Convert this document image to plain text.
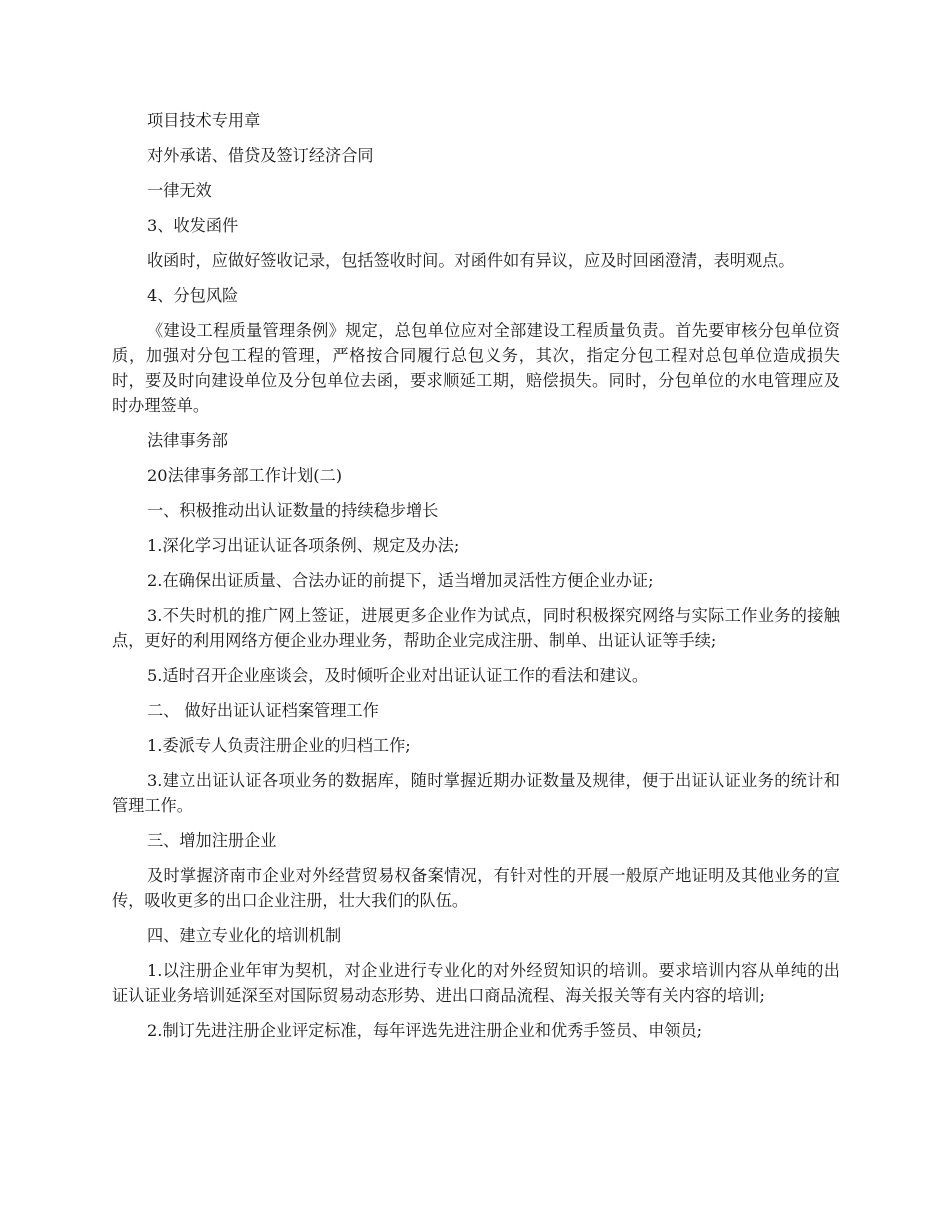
项目技术专用章

对外承诺、借贷及签订经济合同

一律无效

3、收发函件

收函时，应做好签收记录，包括签收时间。对函件如有异议，应及时回函澄清，表明观点。

4、分包风险

《建设工程质量管理条例》规定，总包单位应对全部建设工程质量负责。首先要审核分包单位资质，加强对分包工程的管理，严格按合同履行总包义务，其次，指定分包工程对总包单位造成损失时，要及时向建设单位及分包单位去函，要求顺延工期，赔偿损失。同时，分包单位的水电管理应及时办理签单。

法律事务部

20法律事务部工作计划(二)

一、积极推动出认证数量的持续稳步增长

1.深化学习出证认证各项条例、规定及办法;

2.在确保出证质量、合法办证的前提下，适当增加灵活性方便企业办证;

3.不失时机的推广网上签证，进展更多企业作为试点，同时积极探究网络与实际工作业务的接触点，更好的利用网络方便企业办理业务，帮助企业完成注册、制单、出证认证等手续;

5.适时召开企业座谈会，及时倾听企业对出证认证工作的看法和建议。

二、 做好出证认证档案管理工作

1.委派专人负责注册企业的归档工作;

3.建立出证认证各项业务的数据库，随时掌握近期办证数量及规律，便于出证认证业务的统计和管理工作。

三、增加注册企业

及时掌握济南市企业对外经营贸易权备案情况，有针对性的开展一般原产地证明及其他业务的宣传，吸收更多的出口企业注册，壮大我们的队伍。

四、建立专业化的培训机制

1.以注册企业年审为契机，对企业进行专业化的对外经贸知识的培训。要求培训内容从单纯的出证认证业务培训延深至对国际贸易动态形势、进出口商品流程、海关报关等有关内容的培训;

2.制订先进注册企业评定标准，每年评选先进注册企业和优秀手签员、申领员;
